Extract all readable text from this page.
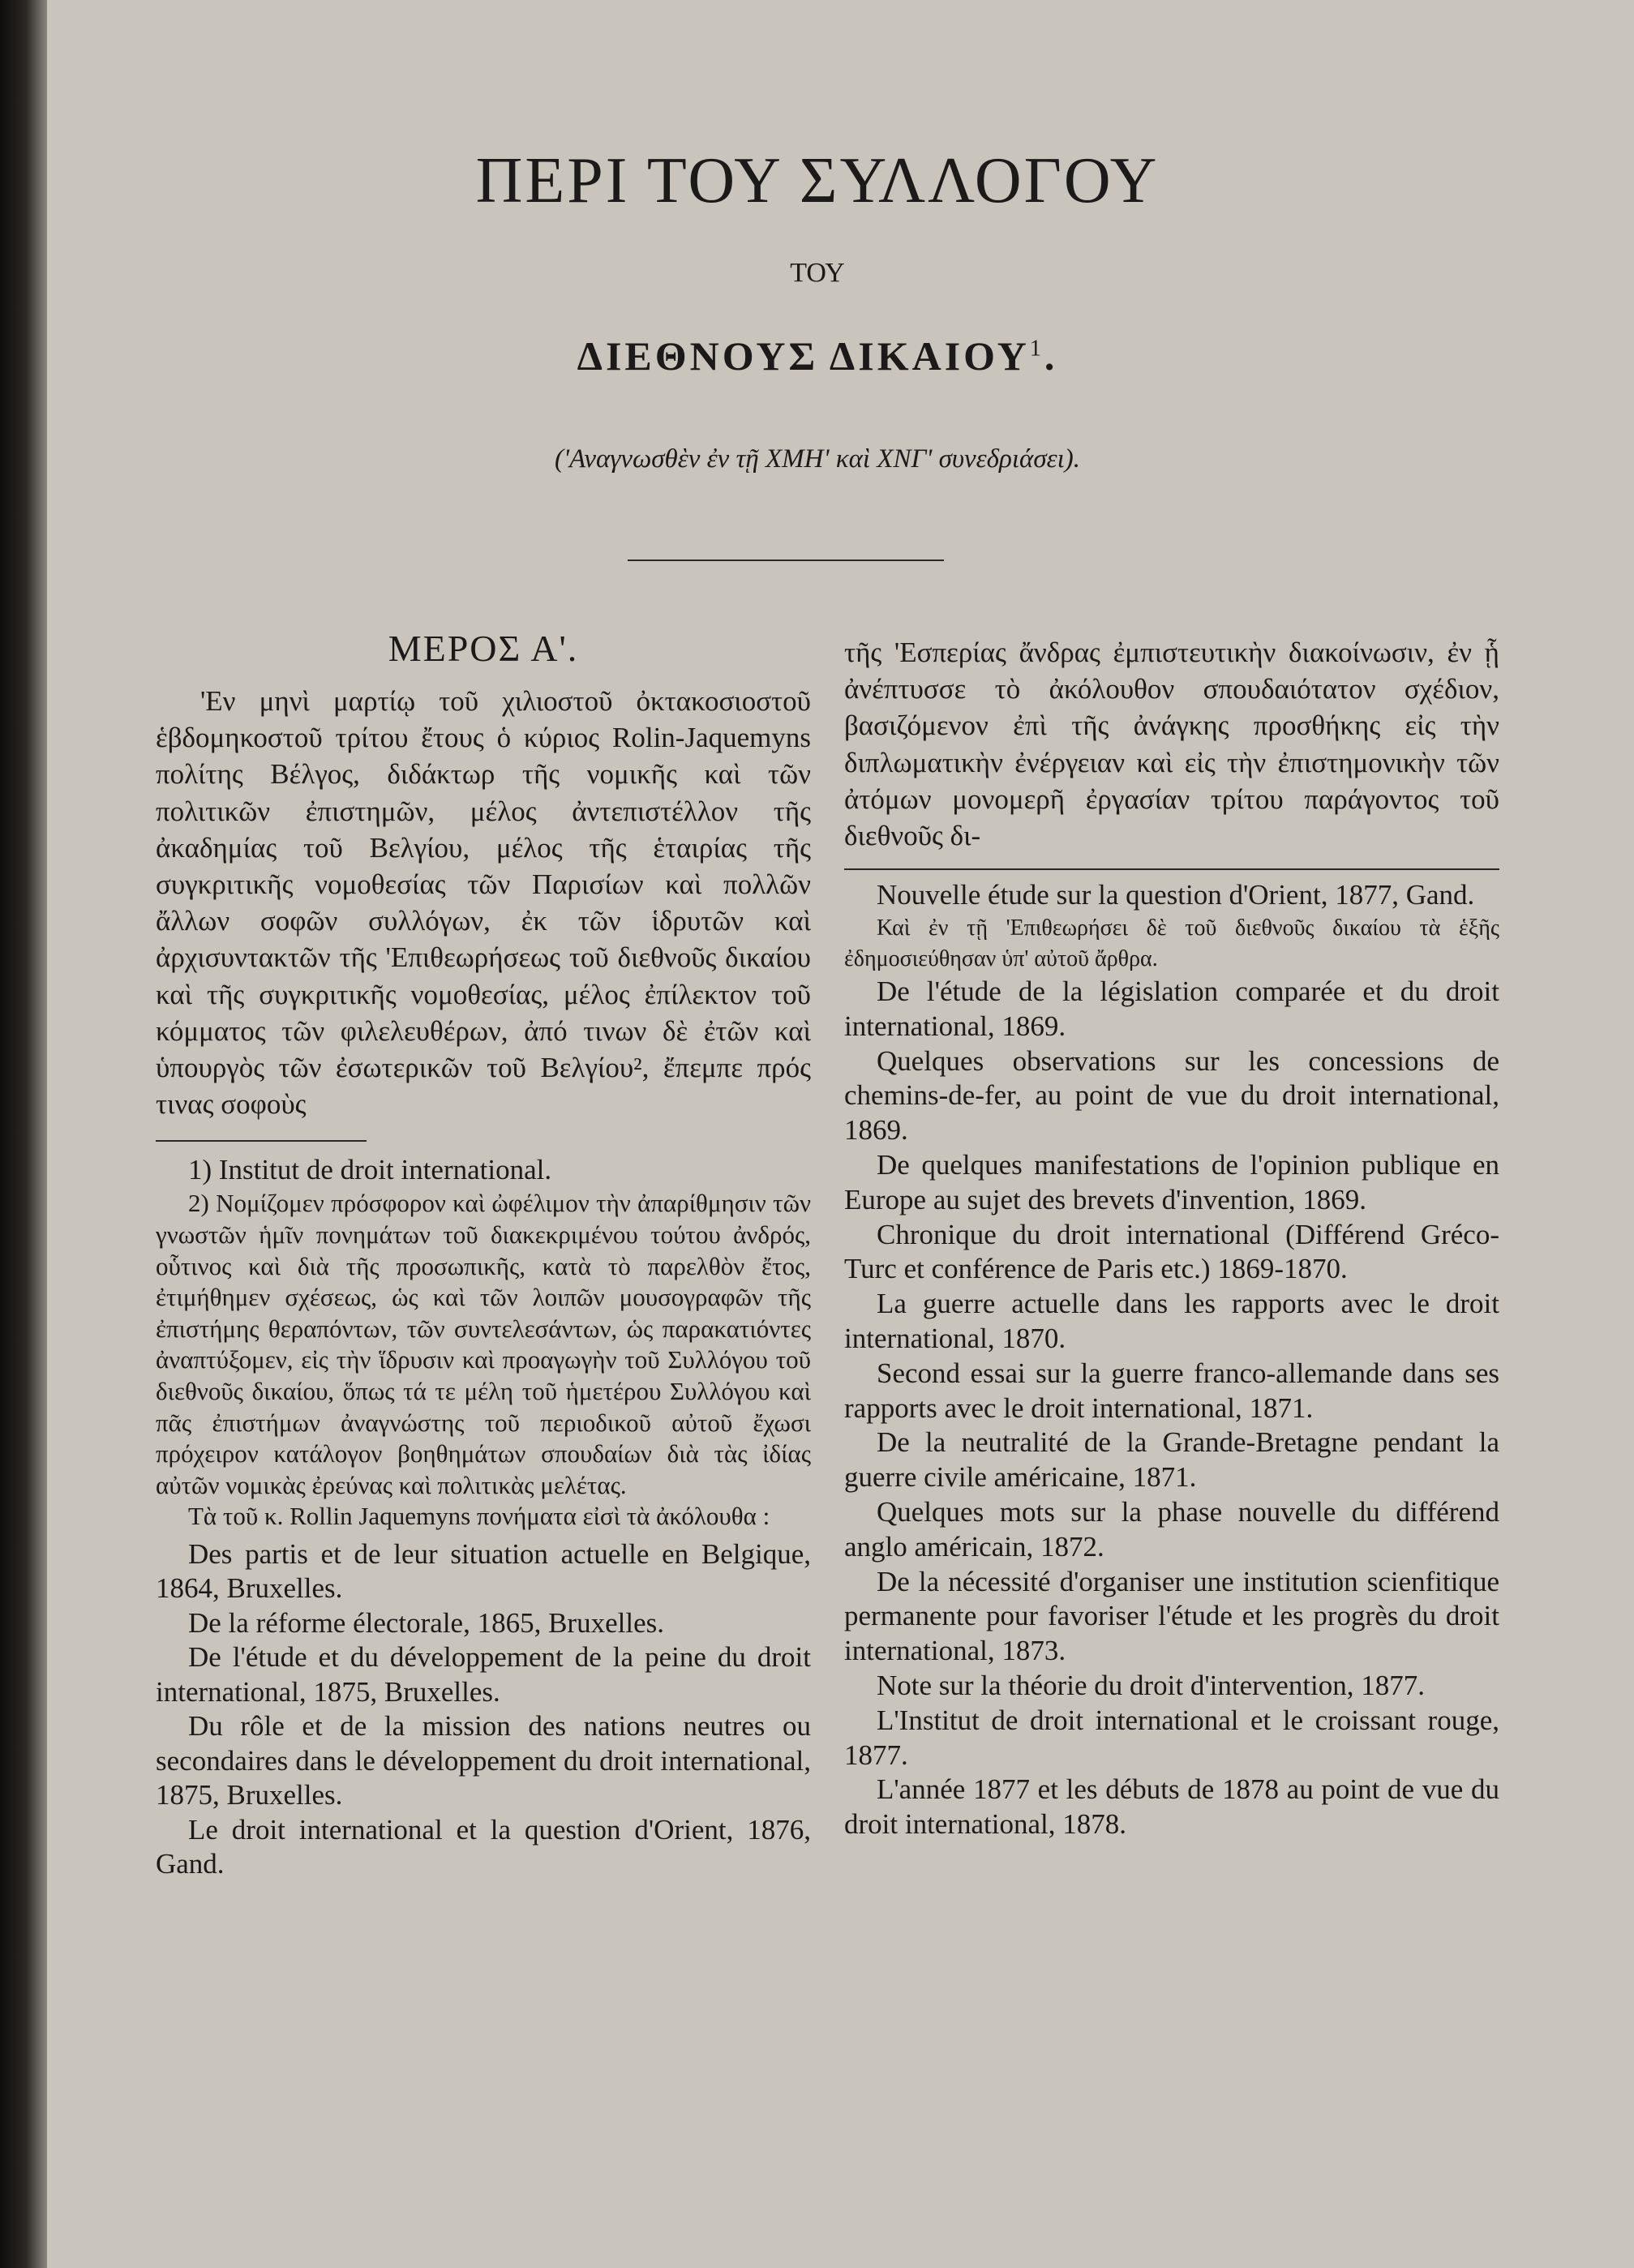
ΠΕΡΙ ΤΟΥ ΣΥΛΛΟΓΟΥ
ΤΟΥ
ΔΙΕΘΝΟΥΣ ΔΙΚΑΙΟΥ$^1$.
('Αναγνωσθὲν ἐν τῇ ΧΜΗ' καὶ ΧΝΓ' συνεδριάσει).
ΜΕΡΟΣ Α'.

'Εν μηνὶ μαρτίῳ τοῦ χιλιοστοῦ ὀκτακοσιοστοῦ ἑβδομηκοστοῦ τρίτου ἔτους ὁ κύριος Rolin-Jaquemyns πολίτης Βέλγος, διδάκτωρ τῆς νομικῆς καὶ τῶν πολιτικῶν ἐπιστημῶν, μέλος ἀντεπιστέλλον τῆς ἀκαδημίας τοῦ Βελγίου, μέλος τῆς ἑταιρίας τῆς συγκριτικῆς νομοθεσίας τῶν Παρισίων καὶ πολλῶν ἄλλων σοφῶν συλλόγων, ἐκ τῶν ἱδρυτῶν καὶ ἀρχισυντακτῶν τῆς 'Επιθεωρήσεως τοῦ διεθνοῦς δικαίου καὶ τῆς συγκριτικῆς νομοθεσίας, μέλος ἐπίλεκτον τοῦ κόμματος τῶν φιλελευθέρων, ἀπό τινων δὲ ἐτῶν καὶ ὑπουργὸς τῶν ἐσωτερικῶν τοῦ Βελγίου², ἔπεμπε πρός τινας σοφοὺς

1) Institut de droit international.

2) Νομίζομεν πρόσφορον καὶ ὠφέλιμον τὴν ἀπαρίθμησιν τῶν γνωστῶν ἡμῖν πονημάτων τοῦ διακεκριμένου τούτου ἀνδρός, οὗτινος καὶ διὰ τῆς προσωπικῆς, κατὰ τὸ παρελθὸν ἔτος, ἐτιμήθημεν σχέσεως, ὡς καὶ τῶν λοιπῶν μουσογραφῶν τῆς ἐπιστήμης θεραπόντων, τῶν συντελεσάντων, ὡς παρακατιόντες ἀναπτύξομεν, εἰς τὴν ἵδρυσιν καὶ προαγωγὴν τοῦ Συλλόγου τοῦ διεθνοῦς δικαίου, ὅπως τά τε μέλη τοῦ ἡμετέρου Συλλόγου καὶ πᾶς ἐπιστήμων ἀναγνώστης τοῦ περιοδικοῦ αὐτοῦ ἔχωσι πρόχειρον κατάλογον βοηθημάτων σπουδαίων διὰ τὰς ἰδίας αὐτῶν νομικὰς ἐρεύνας καὶ πολιτικὰς μελέτας.

Τὰ τοῦ κ. Rollin Jaquemyns πονήματα εἰσὶ τὰ ἀκόλουθα :

Des partis et de leur situation actuelle en Belgique, 1864, Bruxelles.

De la réforme électorale, 1865, Bruxelles.

De l'étude et du développement de la peine du droit international, 1875, Bruxelles.

Du rôle et de la mission des nations neutres ou secondaires dans le développement du droit international, 1875, Bruxelles.

Le droit international et la question d'Orient, 1876, Gand.

τῆς 'Εσπερίας ἄνδρας ἐμπιστευτικὴν διακοίνωσιν, ἐν ᾗ ἀνέπτυσσε τὸ ἀκόλουθον σπουδαιότατον σχέδιον, βασιζόμενον ἐπὶ τῆς ἀνάγκης προσθήκης εἰς τὴν διπλωματικὴν ἐνέργειαν καὶ εἰς τὴν ἐπιστημονικὴν τῶν ἀτόμων μονομερῆ ἐργασίαν τρίτου παράγοντος τοῦ διεθνοῦς δι-

Nouvelle étude sur la question d'Orient, 1877, Gand.

Καὶ ἐν τῇ 'Επιθεωρήσει δὲ τοῦ διεθνοῦς δικαίου τὰ ἑξῆς ἐδημοσιεύθησαν ὑπ' αὐτοῦ ἄρθρα.

De l'étude de la législation comparée et du droit international, 1869.

Quelques observations sur les concessions de chemins-de-fer, au point de vue du droit international, 1869.

De quelques manifestations de l'opinion publique en Europe au sujet des brevets d'invention, 1869.

Chronique du droit international (Différend Gréco-Turc et conférence de Paris etc.) 1869-1870.

La guerre actuelle dans les rapports avec le droit international, 1870.

Second essai sur la guerre franco-allemande dans ses rapports avec le droit international, 1871.

De la neutralité de la Grande-Bretagne pendant la guerre civile américaine, 1871.

Quelques mots sur la phase nouvelle du différend anglo américain, 1872.

De la nécessité d'organiser une institution scienfitique permanente pour favoriser l'étude et les progrès du droit international, 1873.

Note sur la théorie du droit d'intervention, 1877.

L'Institut de droit international et le croissant rouge, 1877.

L'année 1877 et les débuts de 1878 au point de vue du droit international, 1878.
